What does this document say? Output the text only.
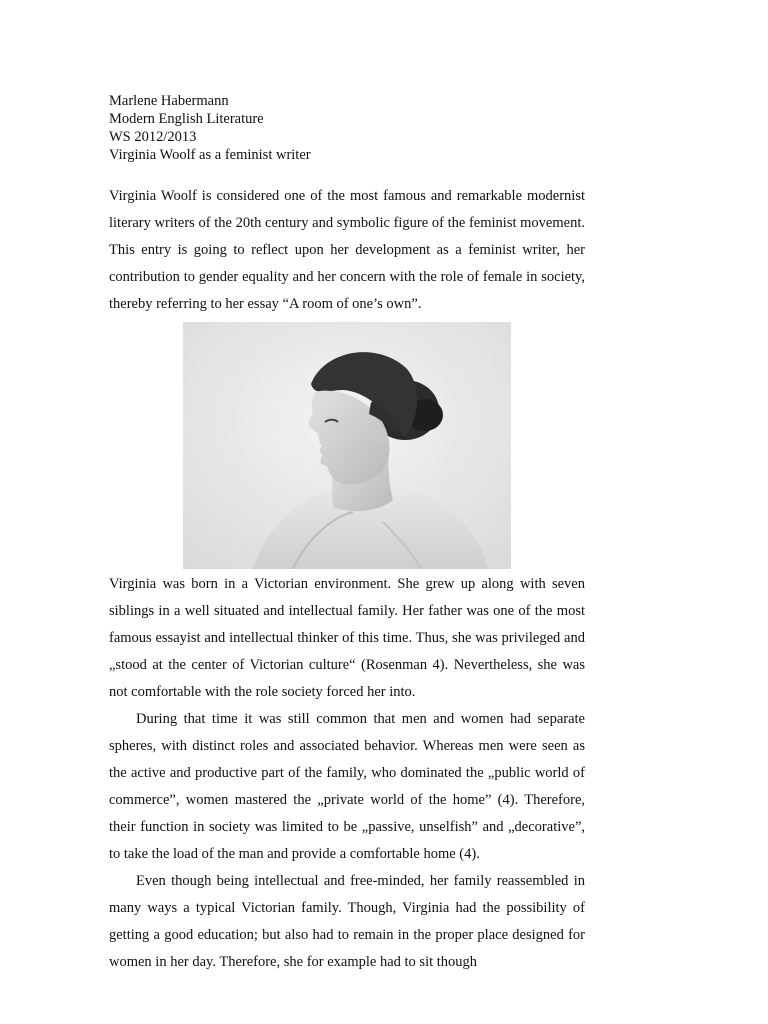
Marlene Habermann
Modern English Literature
WS 2012/2013
Virginia Woolf as a feminist writer

Virginia Woolf is considered one of the most famous and remarkable modernist literary writers of the 20th century and symbolic figure of the feminist movement. This entry is going to reflect upon her development as a feminist writer, her contribution to gender equality and her concern with the role of female in society, thereby referring to her essay “A room of one’s own”.

Virginia was born in a Victorian environment. She grew up along with seven siblings in a well situated and intellectual family. Her father was one of the most famous essayist and intellectual thinker of this time. Thus, she was privileged and „stood at the center of Victorian culture“ (Rosenman 4). Nevertheless, she was not comfortable with the role society forced her into.

During that time it was still common that men and women had separate spheres, with distinct roles and associated behavior. Whereas men were seen as the active and productive part of the family, who dominated the „public world of commerce”, women mastered the „private world of the home” (4). Therefore, their function in society was limited to be „passive, unselfish” and „decorative”, to take the load of the man and provide a comfortable home (4).

Even though being intellectual and free-minded, her family reassembled in many ways a typical Victorian family. Though, Virginia had the possibility of getting a good education; but also had to remain in the proper place designed for women in her day. Therefore, she for example had to sit though
